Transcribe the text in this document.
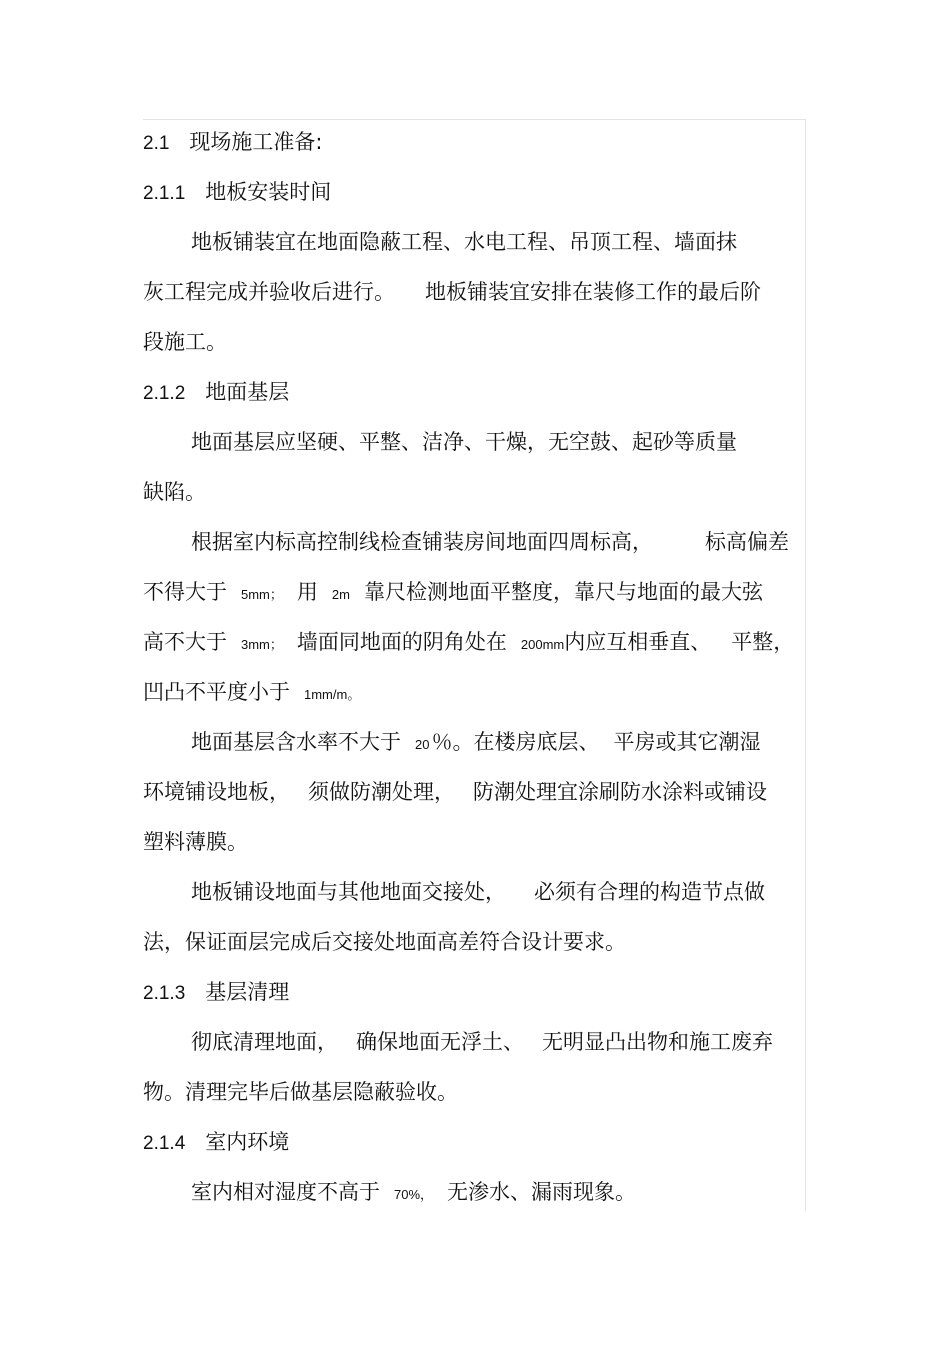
2.1 现场施工准备:
2.1.1 地板安装时间
地板铺装宜在地面隐蔽工程、水电工程、吊顶工程、墙面抹
灰工程完成并验收后进行。 地板铺装宜安排在装修工作的最后阶
段施工。
2.1.2 地面基层
地面基层应坚硬、平整、洁净、干燥，无空鼓、起砂等质量
缺陷。
根据室内标高控制线检查铺装房间地面四周标高， 标高偏差
不得大于 5mm； 用 2m 靠尺检测地面平整度，靠尺与地面的最大弦
高不大于 3mm； 墙面同地面的阴角处在 200mm内应互相垂直、 平整，
凹凸不平度小于 1mm/m。
地面基层含水率不大于 20％。在楼房底层、 平房或其它潮湿
环境铺设地板， 须做防潮处理， 防潮处理宜涂刷防水涂料或铺设
塑料薄膜。
地板铺设地面与其他地面交接处， 必须有合理的构造节点做
法，保证面层完成后交接处地面高差符合设计要求。
2.1.3 基层清理
彻底清理地面， 确保地面无浮土、 无明显凸出物和施工废弃
物。清理完毕后做基层隐蔽验收。
2.1.4 室内环境
室内相对湿度不高于 70%， 无渗水、漏雨现象。
